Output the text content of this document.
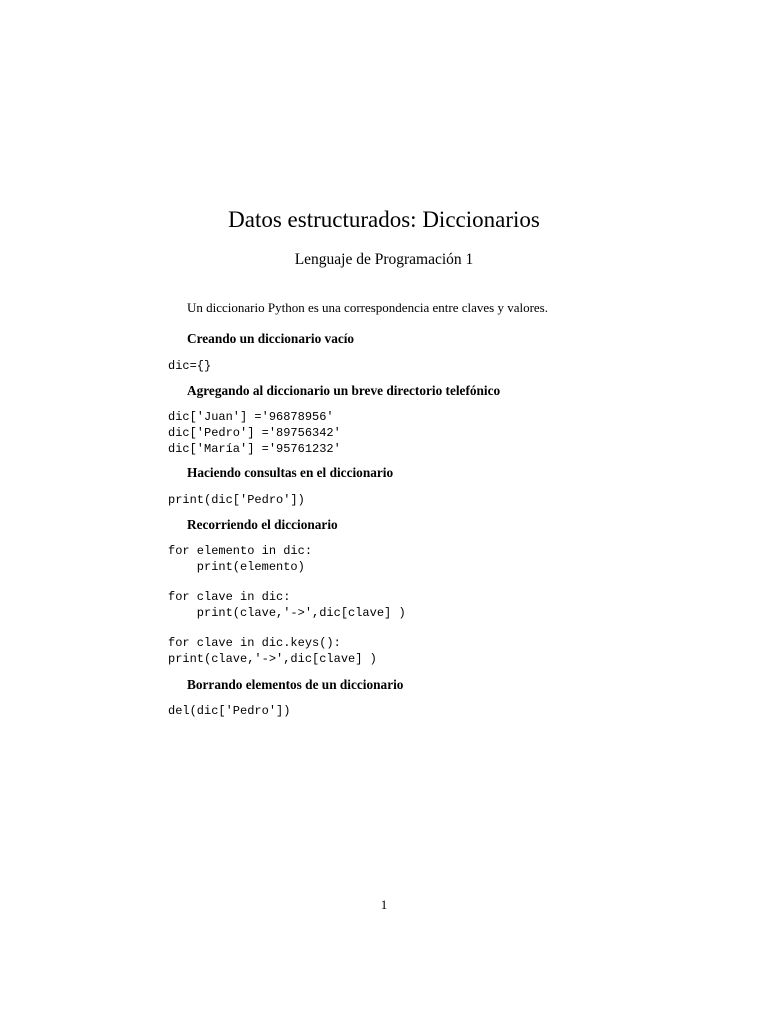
Datos estructurados: Diccionarios
Lenguaje de Programación 1
Un diccionario Python es una correspondencia entre claves y valores.
Creando un diccionario vacío
dic={}
Agregando al diccionario un breve directorio telefónico
dic['Juan'] ='96878956'
dic['Pedro'] ='89756342'
dic['María'] ='95761232'
Haciendo consultas en el diccionario
print(dic['Pedro'])
Recorriendo el diccionario
for elemento in dic:
print(elemento)
for clave in dic:
print(clave,'->',dic[clave] )
for clave in dic.keys():
print(clave,'->',dic[clave] )
Borrando elementos de un diccionario
del(dic['Pedro'])
1
